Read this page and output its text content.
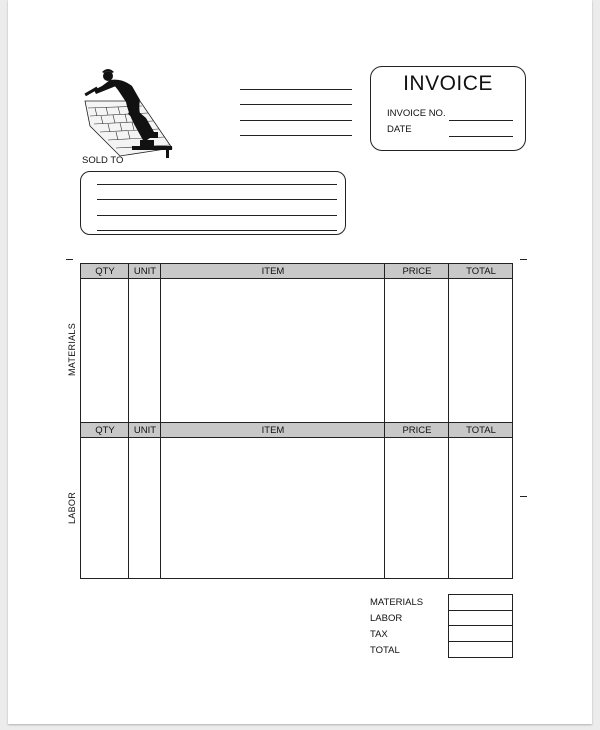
INVOICE
INVOICE NO.
DATE
SOLD TO
QTY	UNIT	ITEM	PRICE	TOTAL
MATERIALS
QTY	UNIT	ITEM	PRICE	TOTAL
LABOR
MATERIALS
LABOR
TAX
TOTAL
